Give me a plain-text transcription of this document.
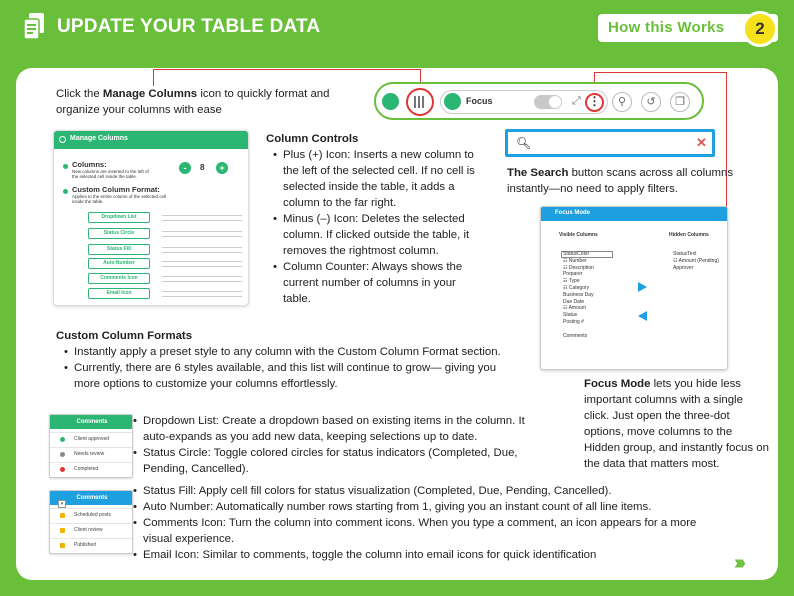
UPDATE YOUR TABLE DATA	How this Works	2
Click the Manage Columns icon to quickly format and
organize your columns with ease
Focus	⤢ ⋮	⚲	↺	❐
Manage Columns
Columns:
New columns are inserted to the left of
the selected cell inside the table.
-	8	+
Custom Column Format:
Applies to the entire column of the selected cell
inside the table.
Dropdown List
Status Circle
Status Fill
Auto Number
Comments Icon
Email Icon
Column Controls
• Plus (+) Icon: Inserts a new column to
the left of the selected cell. If no cell is
selected inside the table, it adds a
column to the far right.
• Minus (–) Icon: Deletes the selected
column. If clicked outside the table, it
removes the rightmost column.
• Column Counter: Always shows the
current number of columns in your
table.
🔍︎	✕
The Search button scans across all columns
instantly—no need to apply filters.
Focus Mode
Visible Columns	Hidden Columns
StatusColor
☷ Number
☷ Description
Preparer
☷ Type
☷ Category
Business Day
Due Date
☷ Amount
Status
Posting #
Comments
StatusText
☷ Amount (Pending)
Approver
Focus Mode lets you hide less
important columns with a single
click. Just open the three-dot
options, move columns to the
Hidden group, and instantly focus on
the data that matters most.
Custom Column Formats
• Instantly apply a preset style to any column with the Custom Column Format section.
• Currently, there are 6 styles available, and this list will continue to grow— giving you
more options to customize your columns effortlessly.
Comments
Client approved
Needs review
Completed
• Dropdown List: Create a dropdown based on existing items in the column. It
auto-expands as you add new data, keeping selections up to date.
• Status Circle: Toggle colored circles for status indicators (Completed, Due,
Pending, Cancelled).
Comments
▾
Scheduled posts
Client review
Published
• Status Fill: Apply cell fill colors for status visualization (Completed, Due, Pending, Cancelled).
• Auto Number: Automatically number rows starting from 1, giving you an instant count of all line items.
• Comments Icon: Turn the column into comment icons. When you type a comment, an icon appears for a more
visual experience.
• Email Icon: Similar to comments, toggle the column into email icons for quick identification	›››
